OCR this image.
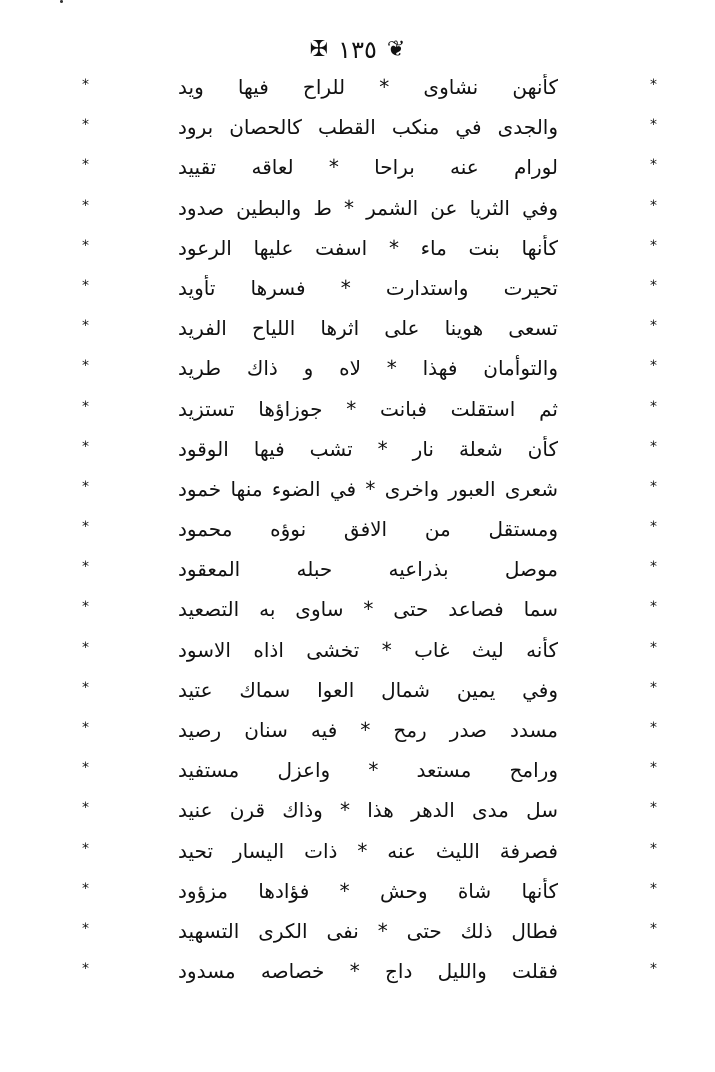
❦
١٣٥
✠
*
كأنهن نشاوى * للراح فيها ويد
*
*
والجدى في منكب القطب كالحصان برود
*
*
لورام عنه براحا * لعاقه تقييد
*
*
وفي الثريا عن الشمر * ط والبطين صدود
*
*
كأنها بنت ماء * اسفت عليها الرعود
*
*
تحيرت واستدارت * فسرها تأويد
*
*
تسعى هوينا على اثرها اللياح الفريد
*
*
والتوأمان فهذا * لاه و ذاك طريد
*
*
ثم استقلت فبانت * جوزاؤها تستزيد
*
*
كأن شعلة نار * تشب فيها الوقود
*
*
شعرى العبور واخرى * في الضوء منها خمود
*
*
ومستقل من الافق نوؤه محمود
*
*
موصل بذراعيه حبله المعقود
*
*
سما فصاعد حتى * ساوى به التصعيد
*
*
كأنه ليث غاب * تخشى اذاه الاسود
*
*
وفي يمين شمال العوا سماك عتيد
*
*
مسدد صدر رمح * فيه سنان رصيد
*
*
ورامح مستعد * واعزل مستفيد
*
*
سل مدى الدهر هذا * وذاك قرن عنيد
*
*
فصرفة الليث عنه * ذات اليسار تحيد
*
*
كأنها شاة وحش * فؤادها مزؤود
*
*
فطال ذلك حتى * نفى الكرى التسهيد
*
*
فقلت والليل داج * خصاصه مسدود
*
